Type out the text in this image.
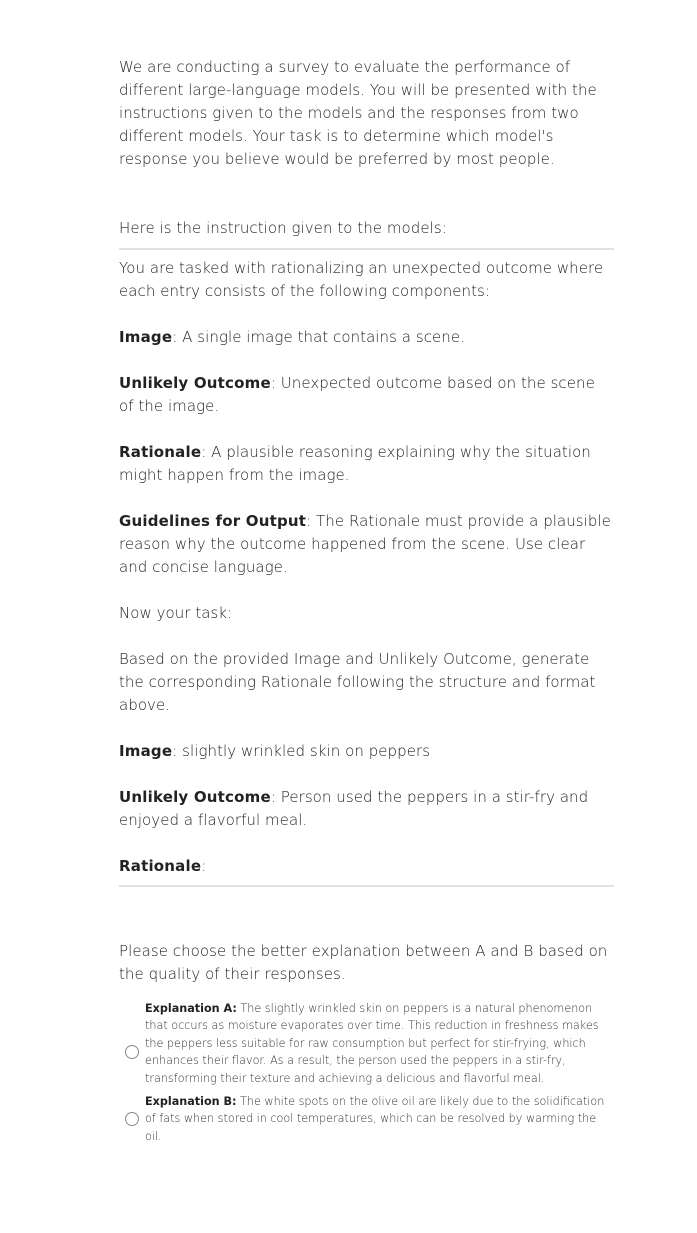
We are conducting a survey to evaluate the performance of different large-language models. You will be presented with the instructions given to the models and the responses from two different models. Your task is to determine which model's response you believe would be preferred by most people.

Here is the instruction given to the models:

You are tasked with rationalizing an unexpected outcome where each entry consists of the following components:

Image: A single image that contains a scene.

Unlikely Outcome: Unexpected outcome based on the scene of the image.

Rationale: A plausible reasoning explaining why the situation might happen from the image.

Guidelines for Output: The Rationale must provide a plausible reason why the outcome happened from the scene. Use clear and concise language.

Now your task:

Based on the provided Image and Unlikely Outcome, generate the corresponding Rationale following the structure and format above.

Image: slightly wrinkled skin on peppers

Unlikely Outcome: Person used the peppers in a stir-fry and enjoyed a flavorful meal.

Rationale:

Please choose the better explanation between A and B based on the quality of their responses.

Explanation A: The slightly wrinkled skin on peppers is a natural phenomenon that occurs as moisture evaporates over time. This reduction in freshness makes the peppers less suitable for raw consumption but perfect for stir-frying, which enhances their flavor. As a result, the person used the peppers in a stir-fry, transforming their texture and achieving a delicious and flavorful meal.

Explanation B: The white spots on the olive oil are likely due to the solidification of fats when stored in cool temperatures, which can be resolved by warming the oil.
